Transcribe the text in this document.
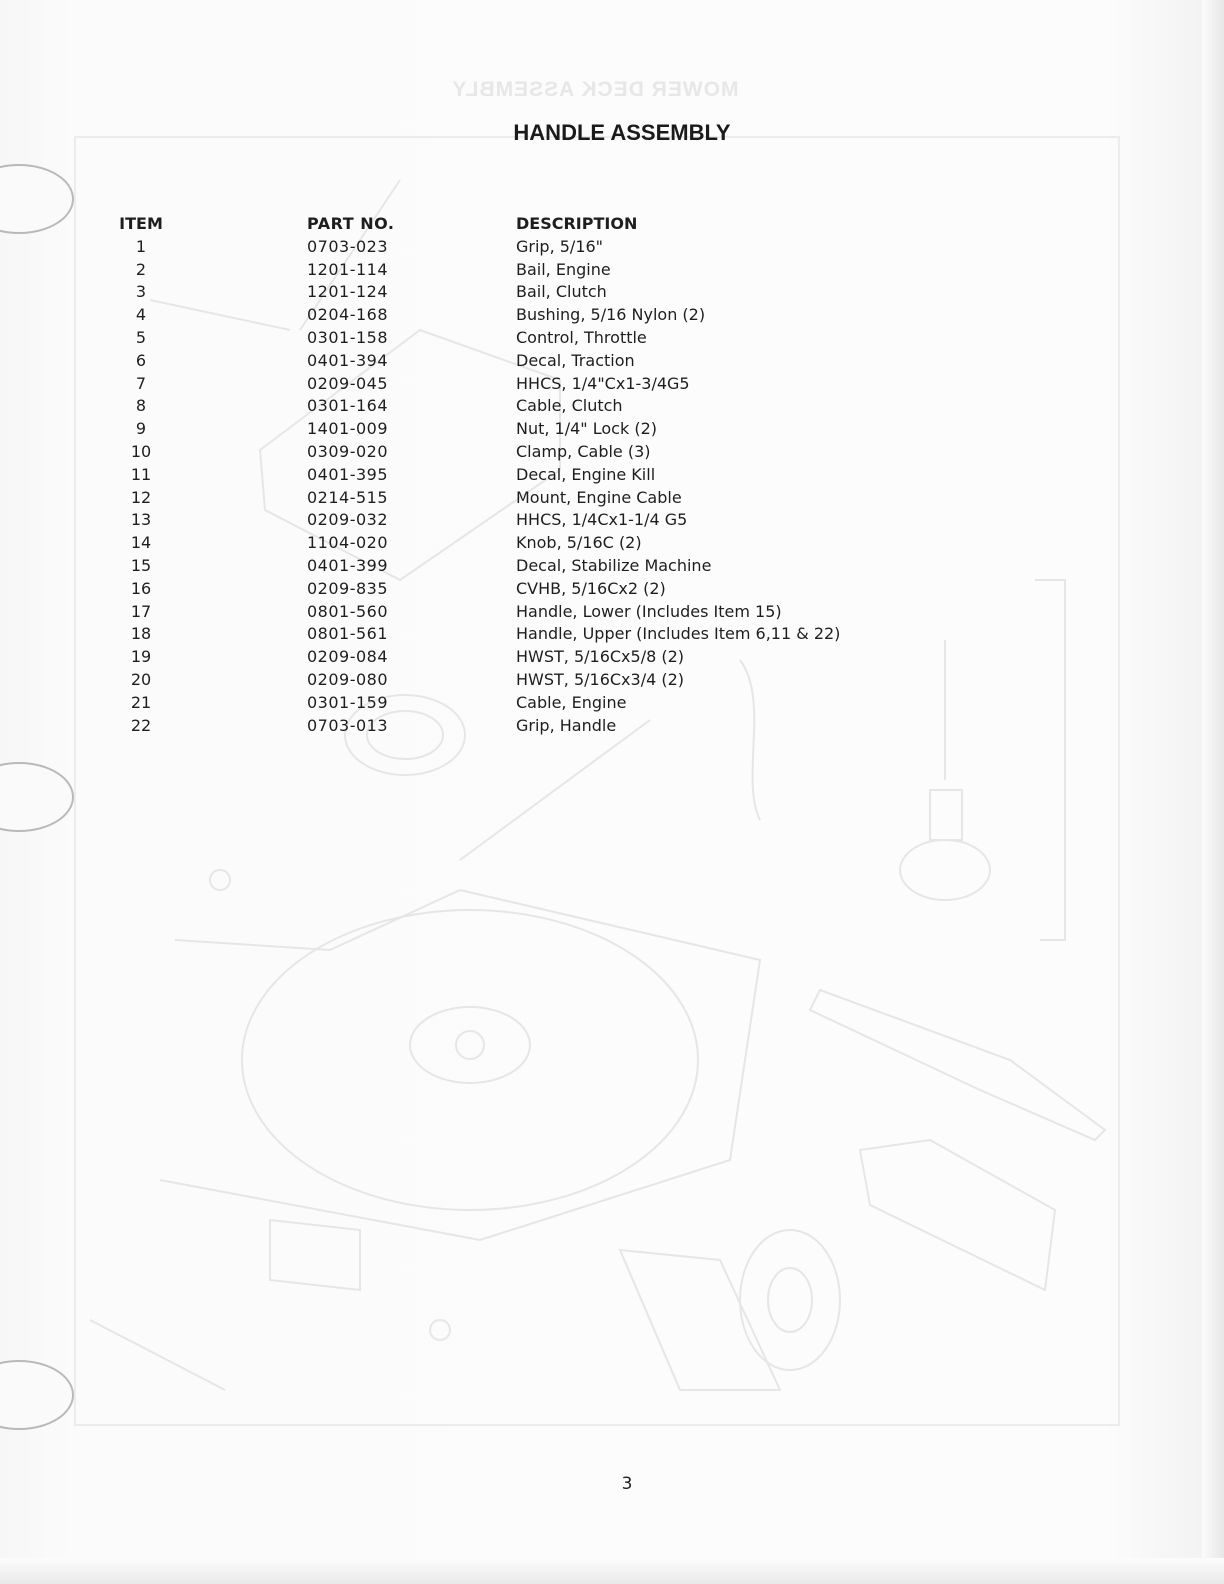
MOWER DECK ASSEMBLY
HANDLE ASSEMBLY
ITEM	PART NO.	DESCRIPTION
1	0703-023	Grip, 5/16"
2	1201-114	Bail, Engine
3	1201-124	Bail, Clutch
4	0204-168	Bushing, 5/16 Nylon (2)
5	0301-158	Control, Throttle
6	0401-394	Decal, Traction
7	0209-045	HHCS, 1/4"Cx1-3/4G5
8	0301-164	Cable, Clutch
9	1401-009	Nut, 1/4" Lock (2)
10	0309-020	Clamp, Cable (3)
11	0401-395	Decal, Engine Kill
12	0214-515	Mount, Engine Cable
13	0209-032	HHCS, 1/4Cx1-1/4 G5
14	1104-020	Knob, 5/16C (2)
15	0401-399	Decal, Stabilize Machine
16	0209-835	CVHB, 5/16Cx2 (2)
17	0801-560	Handle, Lower (Includes Item 15)
18	0801-561	Handle, Upper (Includes Item 6,11 & 22)
19	0209-084	HWST, 5/16Cx5/8 (2)
20	0209-080	HWST, 5/16Cx3/4 (2)
21	0301-159	Cable, Engine
22	0703-013	Grip, Handle
3
